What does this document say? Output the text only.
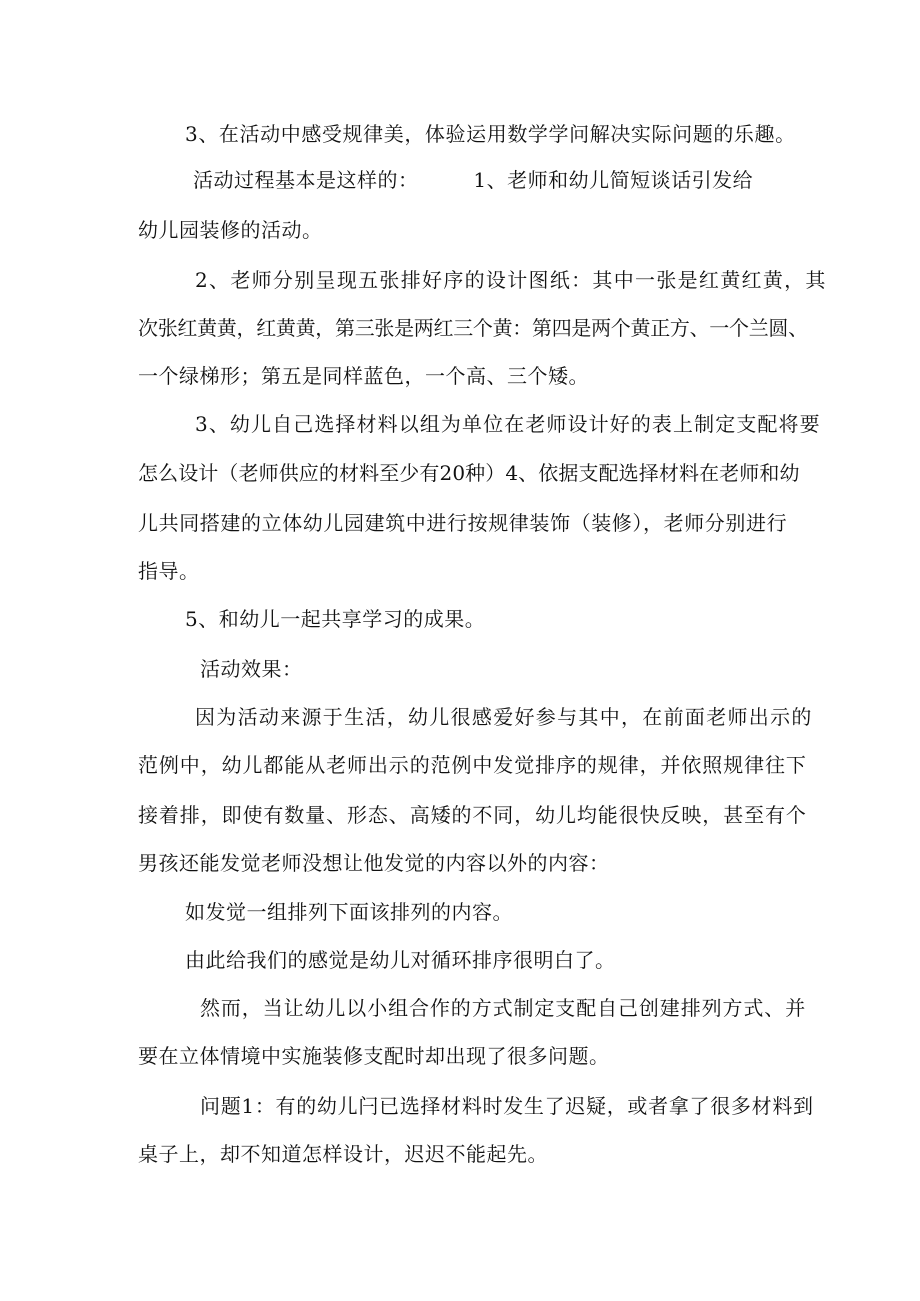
3、在活动中感受规律美，体验运用数学学问解决实际问题的乐趣。
活动过程基本是这样的：        1、老师和幼儿简短谈话引发给
幼儿园装修的活动。
2、老师分别呈现五张排好序的设计图纸：其中一张是红黄红黄，其
次张红黄黄，红黄黄，第三张是两红三个黄：第四是两个黄正方、一个兰圆、
一个绿梯形；第五是同样蓝色，一个高、三个矮。
3、幼儿自己选择材料以组为单位在老师设计好的表上制定支配将要
怎么设计（老师供应的材料至少有20种）4、依据支配选择材料在老师和幼
儿共同搭建的立体幼儿园建筑中进行按规律装饰（装修），老师分别进行
指导。
5、和幼儿一起共享学习的成果。
活动效果：
因为活动来源于生活，幼儿很感爱好参与其中，在前面老师出示的
范例中，幼儿都能从老师出示的范例中发觉排序的规律，并依照规律往下
接着排，即使有数量、形态、高矮的不同，幼儿均能很快反映，甚至有个
男孩还能发觉老师没想让他发觉的内容以外的内容：
如发觉一组排列下面该排列的内容。
由此给我们的感觉是幼儿对循环排序很明白了。
然而，当让幼儿以小组合作的方式制定支配自己创建排列方式、并
要在立体情境中实施装修支配时却出现了很多问题。
问题1：有的幼儿闩已选择材料时发生了迟疑，或者拿了很多材料到
桌子上，却不知道怎样设计，迟迟不能起先。
